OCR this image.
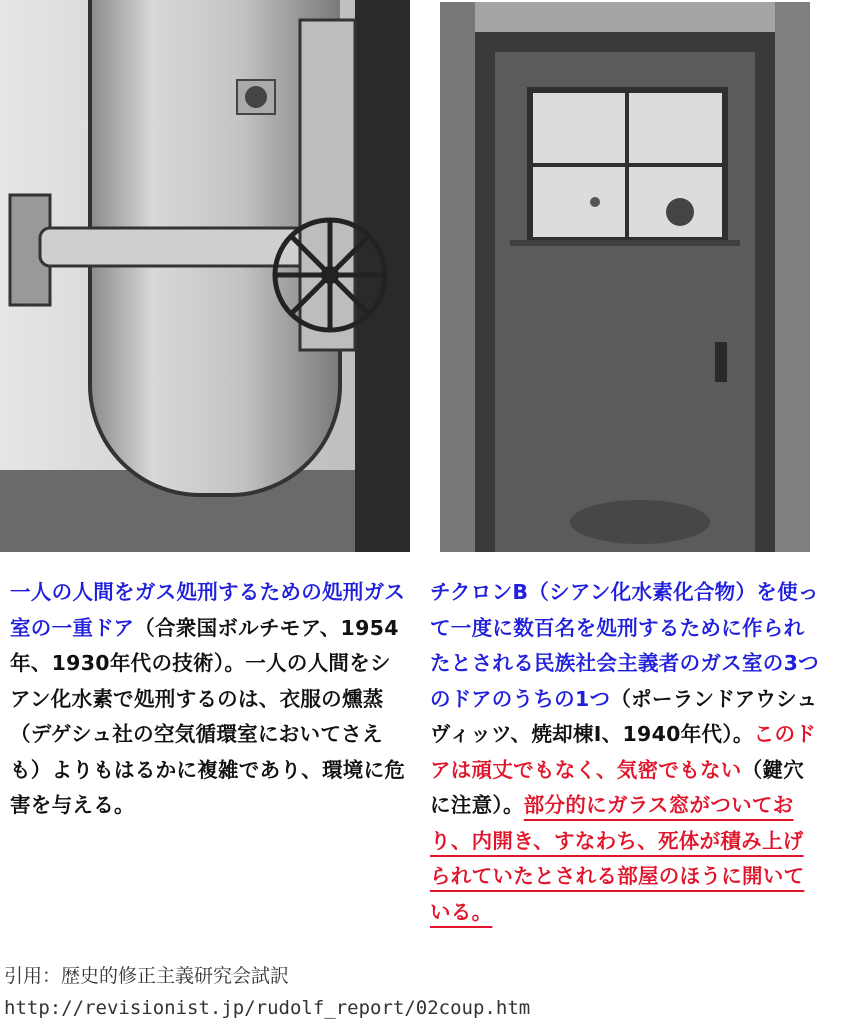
一人の人間をガス処刑するための処刑ガス室の一重ドア（合衆国ボルチモア、1954年、1930年代の技術）。一人の人間をシアン化水素で処刑するのは、衣服の燻蒸（デゲシュ社の空気循環室においてさえも）よりもはるかに複雑であり、環境に危害を与える。
チクロンB（シアン化水素化合物）を使って一度に数百名を処刑するために作られたとされる民族社会主義者のガス室の3つのドアのうちの1つ（ポーランドアウシュヴィッツ、焼却棟I、1940年代）。このドアは頑丈でもなく、気密でもない（鍵穴に注意）。部分的にガラス窓がついており、内開き、すなわち、死体が積み上げられていたとされる部屋のほうに開いている。
引用：歴史的修正主義研究会試訳
http://revisionist.jp/rudolf_report/02coup.htm
